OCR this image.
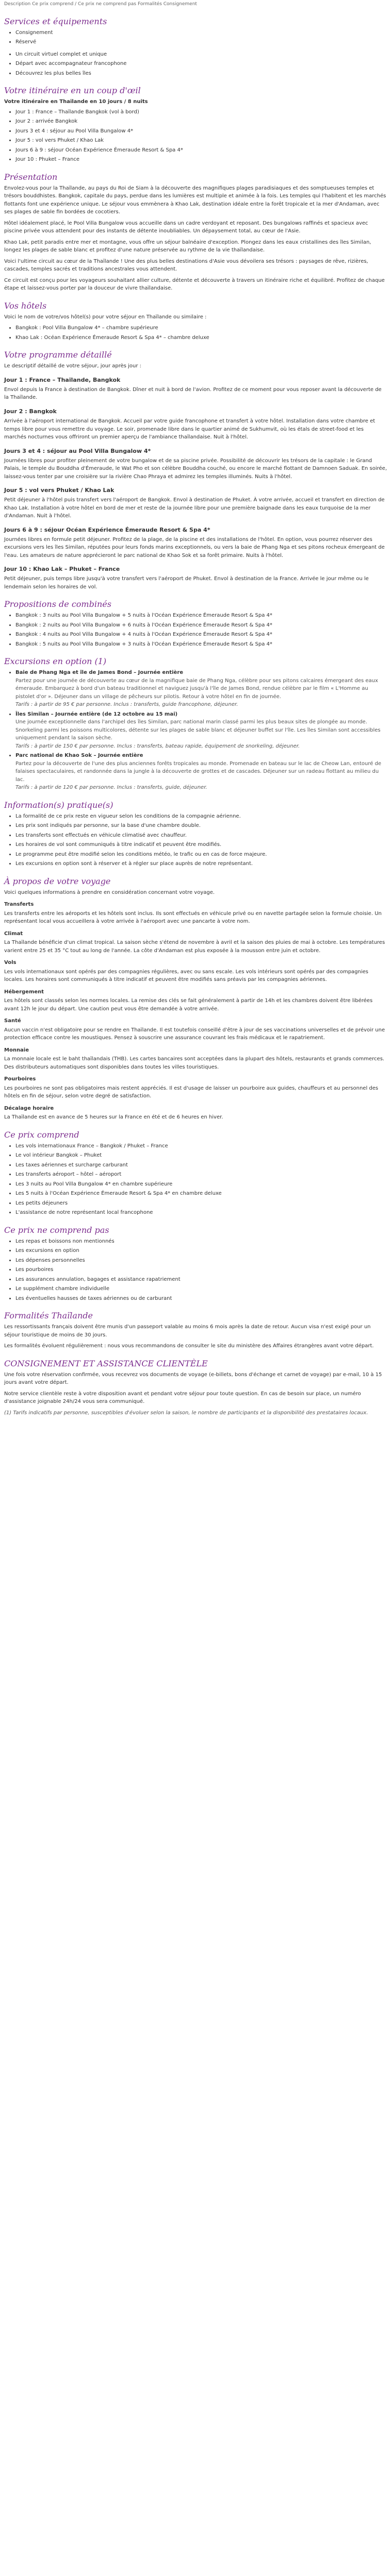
Description Ce prix comprend / Ce prix ne comprend pas Formalités Consignement

Services et équipements
• Consignement
• Réservé
• Un circuit virtuel complet et unique
• Départ avec accompagnateur francophone
• Découvrez les plus belles îles
Votre itinéraire en un coup d'œil

Votre itinéraire en Thaïlande en 10 jours / 8 nuits

• Jour 1 : France – Thaïlande Bangkok (vol à bord)
• Jour 2 : arrivée Bangkok
• Jours 3 et 4 : séjour au Pool Villa Bungalow 4*
• Jour 5 : vol vers Phuket / Khao Lak
• Jours 6 à 9 : séjour Océan Expérience Émeraude Resort & Spa 4*
• Jour 10 : Phuket – France
Présentation

Envolez-vous pour la Thaïlande, au pays du Roi de Siam à la découverte des magnifiques plages paradisiaques et des somptueuses temples et trésors bouddhistes. Bangkok, capitale du pays, perdue dans les lumières est multiple et animée à la fois. Les temples qui l'habitent et les marchés flottants font une expérience unique. Le séjour vous emmènera à Khao Lak, destination idéale entre la forêt tropicale et la mer d'Andaman, avec ses plages de sable fin bordées de cocotiers.

Hôtel idéalement placé, le Pool Villa Bungalow vous accueille dans un cadre verdoyant et reposant. Des bungalows raffinés et spacieux avec piscine privée vous attendent pour des instants de détente inoubliables. Un dépaysement total, au cœur de l'Asie.

Khao Lak, petit paradis entre mer et montagne, vous offre un séjour balnéaire d'exception. Plongez dans les eaux cristallines des îles Similan, longez les plages de sable blanc et profitez d'une nature préservée au rythme de la vie thaïlandaise.

Voici l'ultime circuit au cœur de la Thaïlande ! Une des plus belles destinations d'Asie vous dévoilera ses trésors : paysages de rêve, rizières, cascades, temples sacrés et traditions ancestrales vous attendent.

Ce circuit est conçu pour les voyageurs souhaitant allier culture, détente et découverte à travers un itinéraire riche et équilibré. Profitez de chaque étape et laissez-vous porter par la douceur de vivre thaïlandaise.

Vos hôtels

Voici le nom de votre/vos hôtel(s) pour votre séjour en Thaïlande ou similaire :

• Bangkok : Pool Villa Bungalow 4* – chambre supérieure
• Khao Lak : Océan Expérience Émeraude Resort & Spa 4* – chambre deluxe
Votre programme détaillé

Le descriptif détaillé de votre séjour, jour après jour :

Jour 1 : France – Thaïlande, Bangkok

Envol depuis la France à destination de Bangkok. Dîner et nuit à bord de l'avion. Profitez de ce moment pour vous reposer avant la découverte de la Thaïlande.

Jour 2 : Bangkok

Arrivée à l'aéroport international de Bangkok. Accueil par votre guide francophone et transfert à votre hôtel. Installation dans votre chambre et temps libre pour vous remettre du voyage. Le soir, promenade libre dans le quartier animé de Sukhumvit, où les étals de street-food et les marchés nocturnes vous offriront un premier aperçu de l'ambiance thaïlandaise. Nuit à l'hôtel.

Jours 3 et 4 : séjour au Pool Villa Bungalow 4*

Journées libres pour profiter pleinement de votre bungalow et de sa piscine privée. Possibilité de découvrir les trésors de la capitale : le Grand Palais, le temple du Bouddha d'Émeraude, le Wat Pho et son célèbre Bouddha couché, ou encore le marché flottant de Damnoen Saduak. En soirée, laissez-vous tenter par une croisière sur la rivière Chao Phraya et admirez les temples illuminés. Nuits à l'hôtel.

Jour 5 : vol vers Phuket / Khao Lak

Petit déjeuner à l'hôtel puis transfert vers l'aéroport de Bangkok. Envol à destination de Phuket. À votre arrivée, accueil et transfert en direction de Khao Lak. Installation à votre hôtel en bord de mer et reste de la journée libre pour une première baignade dans les eaux turquoise de la mer d'Andaman. Nuit à l'hôtel.

Jours 6 à 9 : séjour Océan Expérience Émeraude Resort & Spa 4*

Journées libres en formule petit déjeuner. Profitez de la plage, de la piscine et des installations de l'hôtel. En option, vous pourrez réserver des excursions vers les îles Similan, réputées pour leurs fonds marins exceptionnels, ou vers la baie de Phang Nga et ses pitons rocheux émergeant de l'eau. Les amateurs de nature apprécieront le parc national de Khao Sok et sa forêt primaire. Nuits à l'hôtel.

Jour 10 : Khao Lak – Phuket – France

Petit déjeuner, puis temps libre jusqu'à votre transfert vers l'aéroport de Phuket. Envol à destination de la France. Arrivée le jour même ou le lendemain selon les horaires de vol.

Propositions de combinés
• Bangkok : 3 nuits au Pool Villa Bungalow + 5 nuits à l'Océan Expérience Émeraude Resort & Spa 4*
• Bangkok : 2 nuits au Pool Villa Bungalow + 6 nuits à l'Océan Expérience Émeraude Resort & Spa 4*
• Bangkok : 4 nuits au Pool Villa Bungalow + 4 nuits à l'Océan Expérience Émeraude Resort & Spa 4*
• Bangkok : 5 nuits au Pool Villa Bungalow + 3 nuits à l'Océan Expérience Émeraude Resort & Spa 4*
Excursions en option (1)
• Baie de Phang Nga et île de James Bond – Journée entière
Partez pour une journée de découverte au cœur de la magnifique baie de Phang Nga, célèbre pour ses pitons calcaires émergeant des eaux émeraude. Embarquez à bord d'un bateau traditionnel et naviguez jusqu'à l'île de James Bond, rendue célèbre par le film « L'Homme au pistolet d'or ». Déjeuner dans un village de pêcheurs sur pilotis. Retour à votre hôtel en fin de journée.
Tarifs : à partir de 95 € par personne. Inclus : transferts, guide francophone, déjeuner.
• Îles Similan – Journée entière (de 12 octobre au 15 mai)
Une journée exceptionnelle dans l'archipel des îles Similan, parc national marin classé parmi les plus beaux sites de plongée au monde. Snorkeling parmi les poissons multicolores, détente sur les plages de sable blanc et déjeuner buffet sur l'île. Les îles Similan sont accessibles uniquement pendant la saison sèche.
Tarifs : à partir de 150 € par personne. Inclus : transferts, bateau rapide, équipement de snorkeling, déjeuner.
• Parc national de Khao Sok – Journée entière
Partez pour la découverte de l'une des plus anciennes forêts tropicales au monde. Promenade en bateau sur le lac de Cheow Lan, entouré de falaises spectaculaires, et randonnée dans la jungle à la découverte de grottes et de cascades. Déjeuner sur un radeau flottant au milieu du lac.
Tarifs : à partir de 120 € par personne. Inclus : transferts, guide, déjeuner.
Information(s) pratique(s)
• La formalité de ce prix reste en vigueur selon les conditions de la compagnie aérienne.
• Les prix sont indiqués par personne, sur la base d'une chambre double.
• Les transferts sont effectués en véhicule climatisé avec chauffeur.
• Les horaires de vol sont communiqués à titre indicatif et peuvent être modifiés.
• Le programme peut être modifié selon les conditions météo, le trafic ou en cas de force majeure.
• Les excursions en option sont à réserver et à régler sur place auprès de notre représentant.
À propos de votre voyage

Voici quelques informations à prendre en considération concernant votre voyage.

Transferts

Les transferts entre les aéroports et les hôtels sont inclus. Ils sont effectués en véhicule privé ou en navette partagée selon la formule choisie. Un représentant local vous accueillera à votre arrivée à l'aéroport avec une pancarte à votre nom.

Climat

La Thaïlande bénéficie d'un climat tropical. La saison sèche s'étend de novembre à avril et la saison des pluies de mai à octobre. Les températures varient entre 25 et 35 °C tout au long de l'année. La côte d'Andaman est plus exposée à la mousson entre juin et octobre.

Vols

Les vols internationaux sont opérés par des compagnies régulières, avec ou sans escale. Les vols intérieurs sont opérés par des compagnies locales. Les horaires sont communiqués à titre indicatif et peuvent être modifiés sans préavis par les compagnies aériennes.

Hébergement

Les hôtels sont classés selon les normes locales. La remise des clés se fait généralement à partir de 14h et les chambres doivent être libérées avant 12h le jour du départ. Une caution peut vous être demandée à votre arrivée.

Santé

Aucun vaccin n'est obligatoire pour se rendre en Thaïlande. Il est toutefois conseillé d'être à jour de ses vaccinations universelles et de prévoir une protection efficace contre les moustiques. Pensez à souscrire une assurance couvrant les frais médicaux et le rapatriement.

Monnaie

La monnaie locale est le baht thaïlandais (THB). Les cartes bancaires sont acceptées dans la plupart des hôtels, restaurants et grands commerces. Des distributeurs automatiques sont disponibles dans toutes les villes touristiques.

Pourboires

Les pourboires ne sont pas obligatoires mais restent appréciés. Il est d'usage de laisser un pourboire aux guides, chauffeurs et au personnel des hôtels en fin de séjour, selon votre degré de satisfaction.

Décalage horaire

La Thaïlande est en avance de 5 heures sur la France en été et de 6 heures en hiver.

Ce prix comprend
• Les vols internationaux France – Bangkok / Phuket – France
• Le vol intérieur Bangkok – Phuket
• Les taxes aériennes et surcharge carburant
• Les transferts aéroport – hôtel – aéroport
• Les 3 nuits au Pool Villa Bungalow 4* en chambre supérieure
• Les 5 nuits à l'Océan Expérience Émeraude Resort & Spa 4* en chambre deluxe
• Les petits déjeuners
• L'assistance de notre représentant local francophone
Ce prix ne comprend pas
• Les repas et boissons non mentionnés
• Les excursions en option
• Les dépenses personnelles
• Les pourboires
• Les assurances annulation, bagages et assistance rapatriement
• Le supplément chambre individuelle
• Les éventuelles hausses de taxes aériennes ou de carburant
Formalités Thaïlande

Les ressortissants français doivent être munis d'un passeport valable au moins 6 mois après la date de retour. Aucun visa n'est exigé pour un séjour touristique de moins de 30 jours.

Les formalités évoluent régulièrement : nous vous recommandons de consulter le site du ministère des Affaires étrangères avant votre départ.

CONSIGNEMENT ET ASSISTANCE CLIENTÈLE

Une fois votre réservation confirmée, vous recevrez vos documents de voyage (e-billets, bons d'échange et carnet de voyage) par e-mail, 10 à 15 jours avant votre départ.

Notre service clientèle reste à votre disposition avant et pendant votre séjour pour toute question. En cas de besoin sur place, un numéro d'assistance joignable 24h/24 vous sera communiqué.

(1) Tarifs indicatifs par personne, susceptibles d'évoluer selon la saison, le nombre de participants et la disponibilité des prestataires locaux.
